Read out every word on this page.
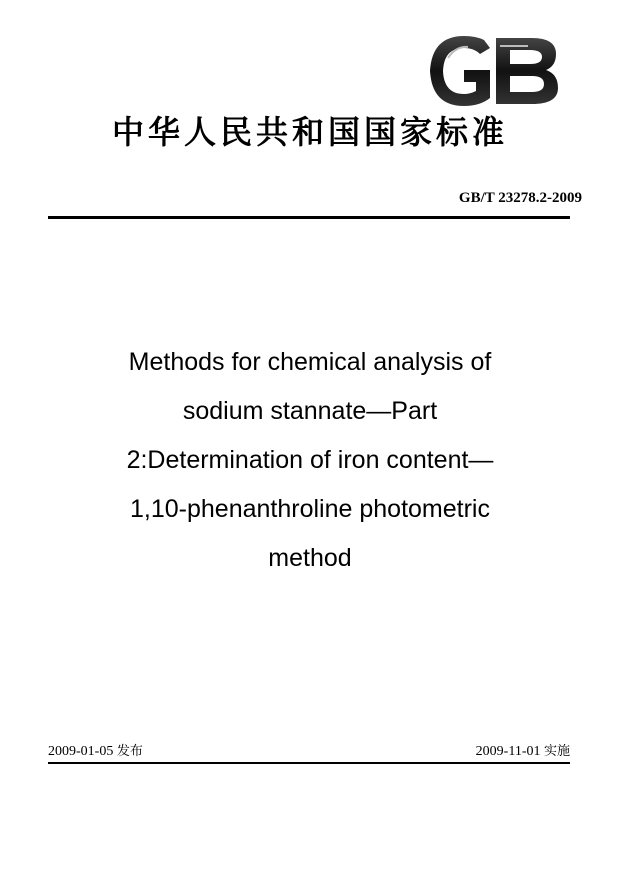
中华人民共和国国家标准
GB/T 23278.2-2009
Methods for chemical analysis of
sodium stannate—Part
2:Determination of iron content—
1,10-phenanthroline photometric
method
2009-01-05 发布	2009-11-01 实施
